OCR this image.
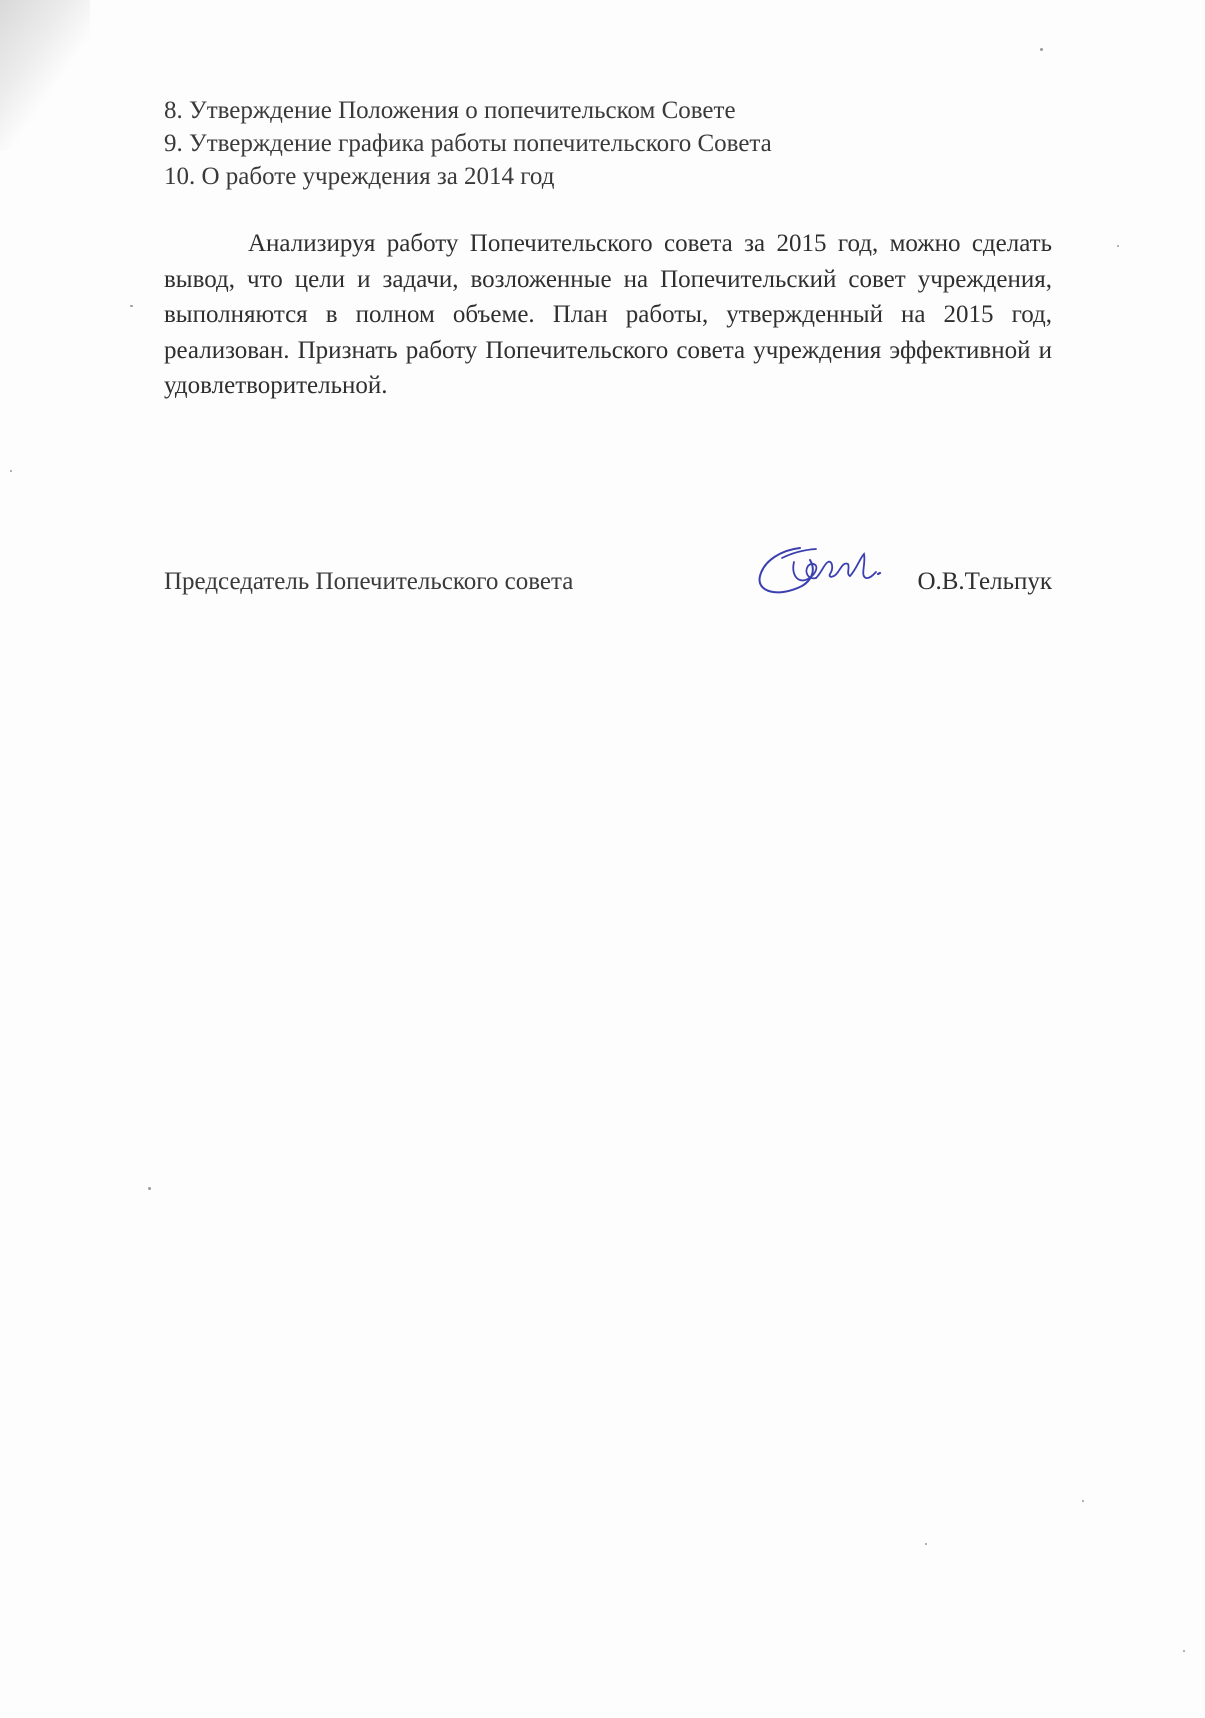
8. Утверждение Положения о попечительском Совете
9. Утверждение графика работы попечительского Совета
10. О работе учреждения за 2014 год
Анализируя работу Попечительского совета за 2015 год, можно сделать вывод, что цели и задачи, возложенные на Попечительский совет учреждения, выполняются в полном объеме. План работы, утвержденный на 2015 год, реализован. Признать работу Попечительского совета учреждения эффективной и удовлетворительной.
Председатель Попечительского совета	О.В.Тельпук
